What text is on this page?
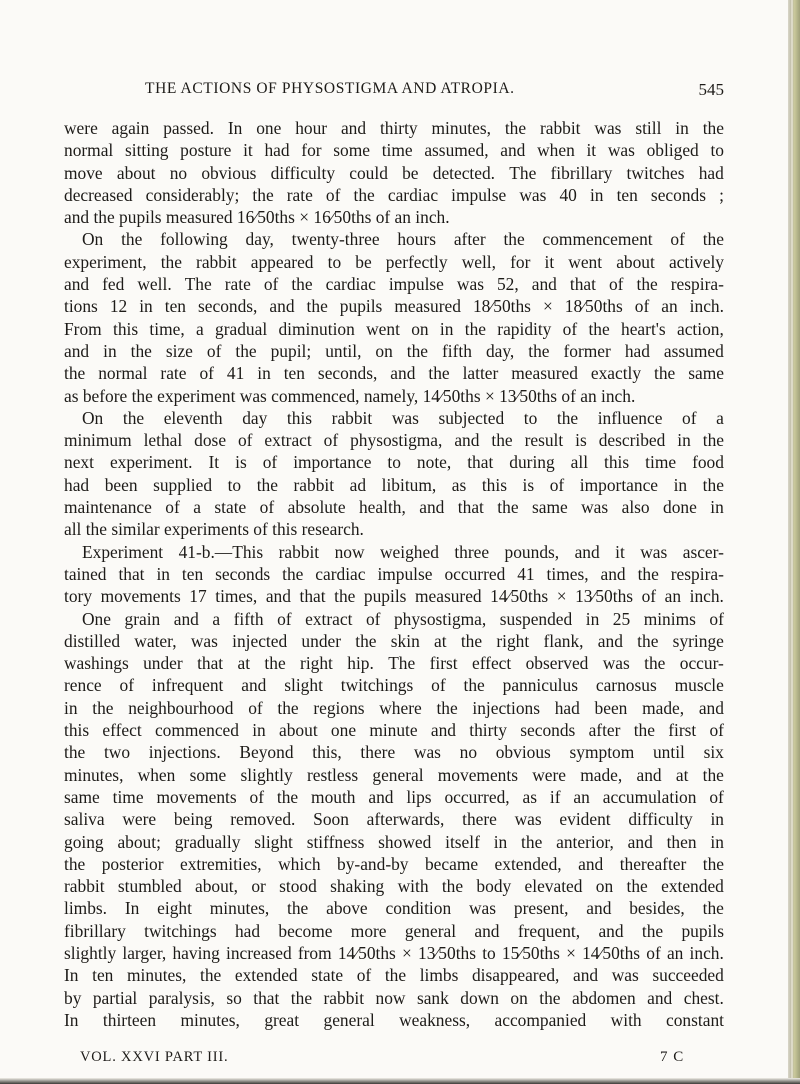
THE ACTIONS OF PHYSOSTIGMA AND ATROPIA.	545
were again passed. In one hour and thirty minutes, the rabbit was still in the
normal sitting posture it had for some time assumed, and when it was obliged to
move about no obvious difficulty could be detected. The fibrillary twitches had
decreased considerably; the rate of the cardiac impulse was 40 in ten seconds ;
and the pupils measured 16⁄50ths × 16⁄50ths of an inch.
On the following day, twenty-three hours after the commencement of the
experiment, the rabbit appeared to be perfectly well, for it went about actively
and fed well. The rate of the cardiac impulse was 52, and that of the respira-
tions 12 in ten seconds, and the pupils measured 18⁄50ths × 18⁄50ths of an inch.
From this time, a gradual diminution went on in the rapidity of the heart's action,
and in the size of the pupil; until, on the fifth day, the former had assumed
the normal rate of 41 in ten seconds, and the latter measured exactly the same
as before the experiment was commenced, namely, 14⁄50ths × 13⁄50ths of an inch.
On the eleventh day this rabbit was subjected to the influence of a
minimum lethal dose of extract of physostigma, and the result is described in the
next experiment. It is of importance to note, that during all this time food
had been supplied to the rabbit ad libitum, as this is of importance in the
maintenance of a state of absolute health, and that the same was also done in
all the similar experiments of this research.
Experiment 41-b.—This rabbit now weighed three pounds, and it was ascer-
tained that in ten seconds the cardiac impulse occurred 41 times, and the respira-
tory movements 17 times, and that the pupils measured 14⁄50ths × 13⁄50ths of an inch.
One grain and a fifth of extract of physostigma, suspended in 25 minims of
distilled water, was injected under the skin at the right flank, and the syringe
washings under that at the right hip. The first effect observed was the occur-
rence of infrequent and slight twitchings of the panniculus carnosus muscle
in the neighbourhood of the regions where the injections had been made, and
this effect commenced in about one minute and thirty seconds after the first of
the two injections. Beyond this, there was no obvious symptom until six
minutes, when some slightly restless general movements were made, and at the
same time movements of the mouth and lips occurred, as if an accumulation of
saliva were being removed. Soon afterwards, there was evident difficulty in
going about; gradually slight stiffness showed itself in the anterior, and then in
the posterior extremities, which by-and-by became extended, and thereafter the
rabbit stumbled about, or stood shaking with the body elevated on the extended
limbs. In eight minutes, the above condition was present, and besides, the
fibrillary twitchings had become more general and frequent, and the pupils
slightly larger, having increased from 14⁄50ths × 13⁄50ths to 15⁄50ths × 14⁄50ths of an inch.
In ten minutes, the extended state of the limbs disappeared, and was succeeded
by partial paralysis, so that the rabbit now sank down on the abdomen and chest.
In thirteen minutes, great general weakness, accompanied with constant
VOL. XXVI PART III.	7 C
